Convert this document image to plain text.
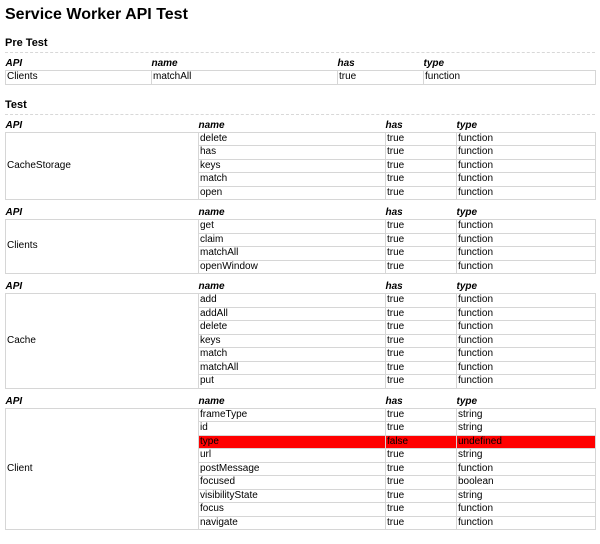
Service Worker API Test
Pre Test
API	name	has	type
Clients	matchAll	true	function
Test
API	name	has	type
CacheStorage	delete	true	function
	has	true	function
	keys	true	function
	match	true	function
	open	true	function
API	name	has	type
Clients	get	true	function
	claim	true	function
	matchAll	true	function
	openWindow	true	function
API	name	has	type
Cache	add	true	function
	addAll	true	function
	delete	true	function
	keys	true	function
	match	true	function
	matchAll	true	function
	put	true	function
API	name	has	type
Client	frameType	true	string
	id	true	string
	type	false	undefined
	url	true	string
	postMessage	true	function
	focused	true	boolean
	visibilityState	true	string
	focus	true	function
	navigate	true	function
